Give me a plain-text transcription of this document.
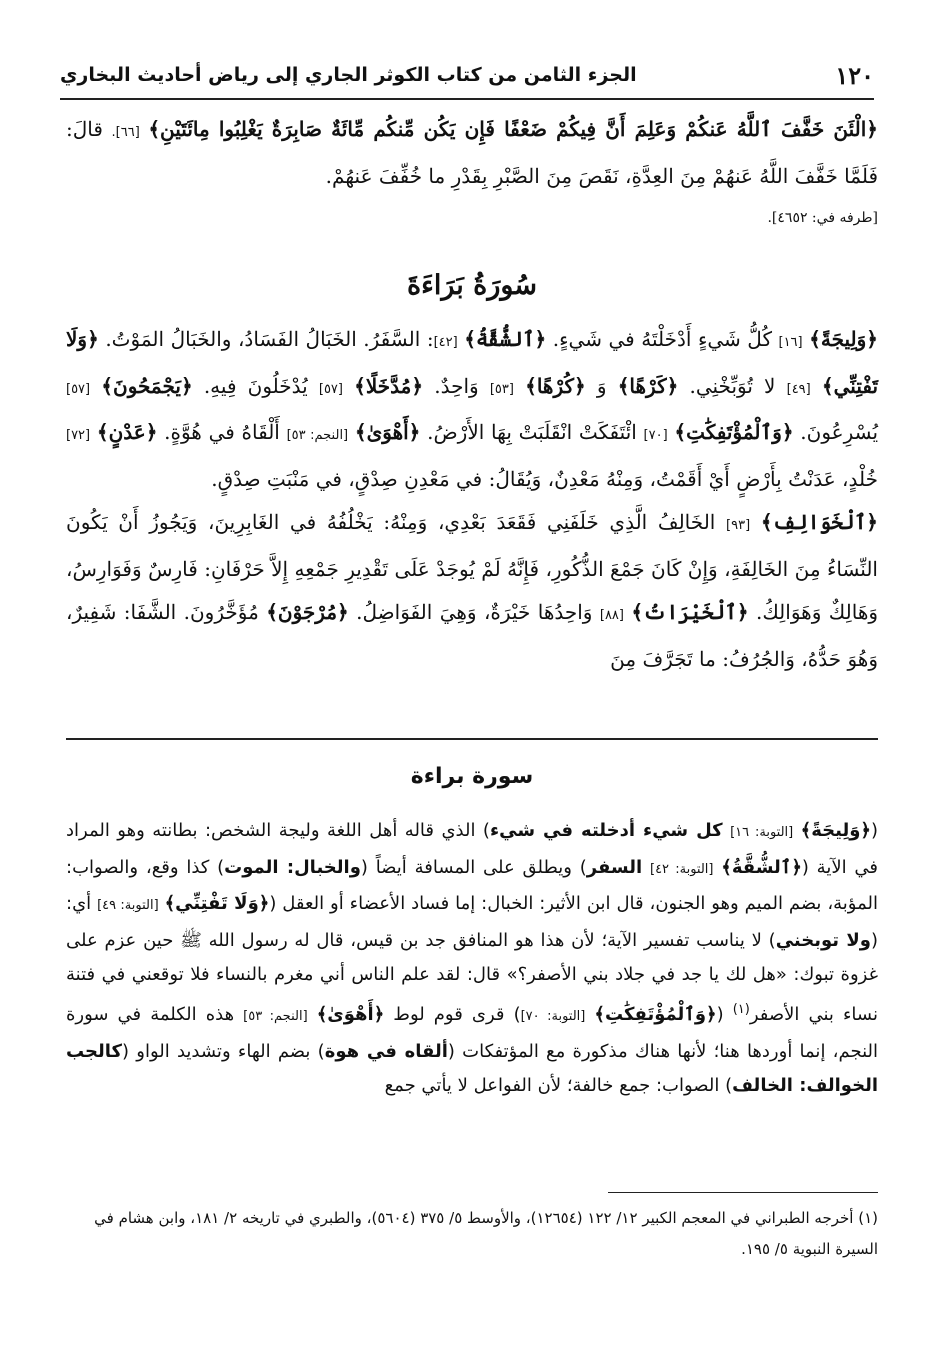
١٢٠
الجزء الثامن من كتاب الكوثر الجاري إلى رياض أحاديث البخاري

﴿الْئَنَ خَفَّفَ ٱللَّهُ عَنكُمْ وَعَلِمَ أَنَّ فِيكُمْ ضَعْفًا فَإِن يَكُن مِّنكُم مِّائَةٌ صَابِرَةٌ يَغْلِبُوا مِائَتَيْنِ﴾ [٦٦]. قالَ: فَلَمَّا خَفَّفَ اللَّهُ عَنهُمْ مِنَ العِدَّةِ، نَقَصَ مِنَ الصَّبْرِ بِقَدْرِ ما خُفِّفَ عَنهُمْ.

[طرفه في: ٤٦٥٢].

سُورَةُ بَرَاءَةَ

﴿وَلِيجَةً﴾ [١٦] كُلُّ شَيءٍ أَدْخَلْتَهُ في شَيءٍ. ﴿ٱلشُّقَّةُ﴾ [٤٢]: السَّفَرُ. الخَبَالُ الفَسَادُ، والخَبَالُ المَوْتُ. ﴿وَلَا تَفْتِنِّي﴾ [٤٩] لا تُوَبِّخْنِي. ﴿كَرْهًا﴾ وَ ﴿كُرْهًا﴾ [٥٣] وَاحِدٌ. ﴿مُدَّخَلًا﴾ [٥٧] يُدْخَلُونَ فِيهِ. ﴿يَجْمَحُونَ﴾ [٥٧] يُسْرِعُونَ. ﴿وَٱلْمُؤْتَفِكَٰتِ﴾ [٧٠] ائْتَفَكَتْ انْقَلَبَتْ بِهَا الأَرْضُ. ﴿أَهْوَىٰ﴾ [النجم: ٥٣] أَلْقَاهُ في هُوَّةٍ. ﴿عَدْنٍ﴾ [٧٢] خُلْدٍ، عَدَنْتُ بِأَرْضٍ أَيْ أَقَمْتُ، وَمِنْهُ مَعْدِنٌ، وَيُقَالُ: في مَعْدِنِ صِدْقٍ، في مَنْبَتِ صِدْقٍ.

﴿ٱلْخَوَالِفِ﴾ [٩٣] الخَالِفُ الَّذِي خَلَفَنِي فَقَعَدَ بَعْدِي، وَمِنْهُ: يَخْلُفُهُ في الغَابِرِينَ، وَيَجُوزُ أَنْ يَكُونَ النِّسَاءُ مِنَ الخَالِفَةِ، وَإِنْ كَانَ جَمْعَ الذُّكُورِ، فَإِنَّهُ لَمْ يُوجَدْ عَلَى تَقْدِيرِ جَمْعِهِ إِلاَّ حَرْفَانِ: فَارِسٌ وَفَوَارِسُ، وَهَالِكٌ وَهَوَالِكُ. ﴿ٱلْخَيْرَاتُ﴾ [٨٨] وَاحِدُهَا خَيْرَةٌ، وَهِيَ الفَوَاضِلُ. ﴿مُرْجَوْنَ﴾ مُؤَخَّرُونَ. الشَّفَا: شَفِيرٌ، وَهُوَ حَدُّهُ، وَالجُرُفُ: ما تَجَرَّفَ مِنَ

سورة براءة

(﴿وَلِيجَةً﴾ [التوبة: ١٦] كل شيء أدخلته في شيء) الذي قاله أهل اللغة وليجة الشخص: بطانته وهو المراد في الآية (﴿ٱلشُّقَّةُ﴾ [التوبة: ٤٢] السفر) ويطلق على المسافة أيضاً (والخبال: الموت) كذا وقع، والصواب: المؤبة، بضم الميم وهو الجنون، قال ابن الأثير: الخبال: إما فساد الأعضاء أو العقل (﴿وَلَا تَفْتِنِّي﴾ [التوبة: ٤٩] أي: (ولا توبخني) لا يناسب تفسير الآية؛ لأن هذا هو المنافق جد بن قيس، قال له رسول الله ﷺ حين عزم على غزوة تبوك: «هل لك يا جد في جلاد بني الأصفر؟» قال: لقد علم الناس أني مغرم بالنساء فلا توقعني في فتنة نساء بني الأصفر$^{(١)}$ (﴿وَٱلْمُؤْتَفِكَٰتِ﴾ [التوبة: ٧٠]) قرى قوم لوط ﴿أَهْوَىٰ﴾ [النجم: ٥٣] هذه الكلمة في سورة النجم، إنما أوردها هنا؛ لأنها هناك مذكورة مع المؤتفكات (ألقاه في هوة) بضم الهاء وتشديد الواو (كالجب الخوالف: الخالف) الصواب: جمع خالفة؛ لأن الفواعل لا يأتي جمع

(١) أخرجه الطبراني في المعجم الكبير ١٢/ ١٢٢ (١٢٦٥٤)، والأوسط ٥/ ٣٧٥ (٥٦٠٤)، والطبري في تاريخه ٢/ ١٨١، وابن هشام في السيرة النبوية ٥/ ١٩٥.
